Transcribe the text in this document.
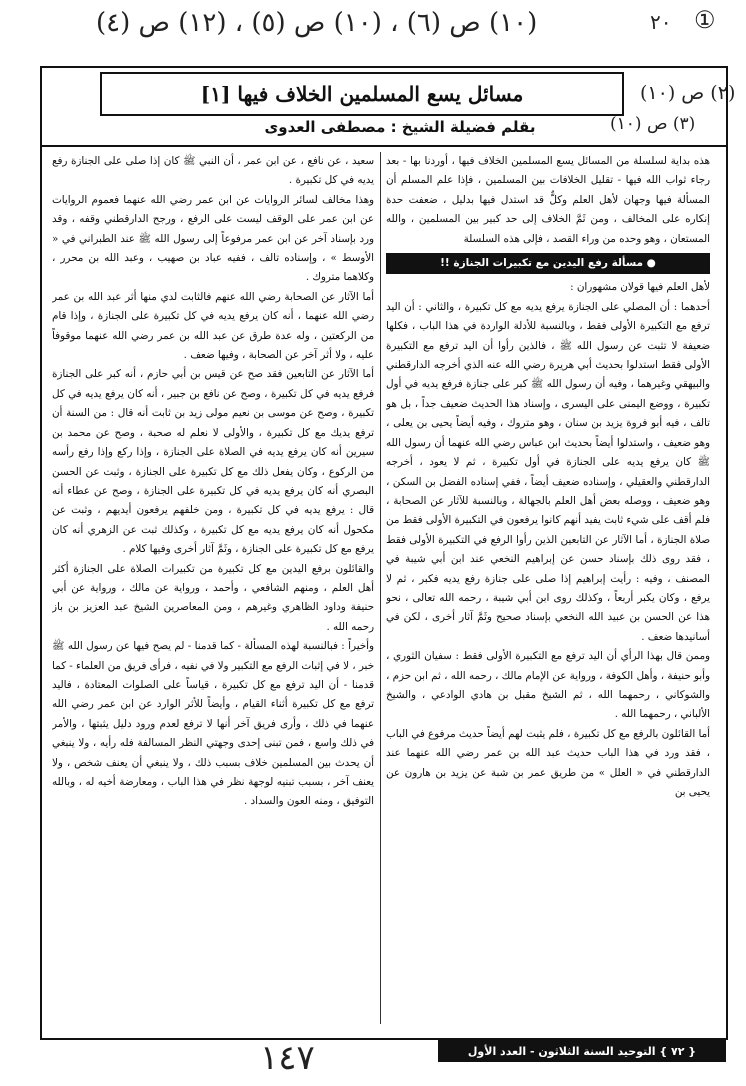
(١٠) ص (٦) ، (١٠) ص (٥) ، (١٢) ص (٤)	①
٢٠
(٢) ص (١٠)
(٣) ص (١٠)
مسائل يسع المسلمين الخلاف فيها [١]
بقلم فضيلة الشيخ : مصطفى العدوى

هذه بداية لسلسلة من المسائل يسع المسلمين الخلاف فيها ، أوردنا بها - بعد رجاء ثواب الله فيها - تقليل الخلافات بين المسلمين ، فإذا علم المسلم أن المسألة فيها وجهان لأهل العلم وكلٌّ قد استدل فيها بدليل ، ضعفت حدة إنكاره على المخالف ، ومن ثَمَّ الخلاف إلى حد كبير بين المسلمين ، والله المستعان ، وهو وحده من وراء القصد ، فإلى هذه السلسلة

● مسألة رفع اليدين مع تكبيرات الجنازة !!

لأهل العلم فيها قولان مشهوران :

أحدهما : أن المصلي على الجنازة يرفع يديه مع كل تكبيرة ، والثاني : أن اليد ترفع مع التكبيرة الأولى فقط ، وبالنسبة للأدلة الواردة في هذا الباب ، فكلها ضعيفة لا تثبت عن رسول الله ﷺ ، فالذين رأوا أن اليد ترفع مع التكبيرة الأولى فقط استدلوا بحديث أبي هريرة رضي الله عنه الذي أخرجه الدارقطني والبيهقي وغيرهما ، وفيه أن رسول الله ﷺ كبر على جنازة فرفع يديه في أول تكبيرة ، ووضع اليمنى على اليسرى ، وإسناد هذا الحديث ضعيف جداً ، بل هو تالف ، فيه أبو فروة يزيد بن سنان ، وهو متروك ، وفيه أيضاً يحيى بن يعلى ، وهو ضعيف ، واستدلوا أيضاً بحديث ابن عباس رضي الله عنهما أن رسول الله ﷺ كان يرفع يديه على الجنازة في أول تكبيرة ، ثم لا يعود ، أخرجه الدارقطني والعقيلي ، وإسناده ضعيف أيضاً ، ففي إسناده الفضل بن السكن ، وهو ضعيف ، ووصله بعض أهل العلم بالجهالة ، وبالنسبة للآثار عن الصحابة ، فلم أقف على شيء ثابت يفيد أنهم كانوا يرفعون في التكبيرة الأولى فقط من صلاة الجنازة ، أما الآثار عن التابعين الذين رأوا الرفع في التكبيرة الأولى فقط ، فقد روى ذلك بإسناد حسن عن إبراهيم النخعي عند ابن أبي شيبة في المصنف ، وفيه : رأيت إبراهيم إذا صلى على جنازة رفع يديه فكبر ، ثم لا يرفع ، وكان يكبر أربعاً ، وكذلك روى ابن أبي شيبة ، رحمه الله تعالى ، نحو هذا عن الحسن بن عبيد الله النخعي بإسناد صحيح وثَمَّ آثار أخرى ، لكن في أسانيدها ضعف .

وممن قال بهذا الرأي أن اليد ترفع مع التكبيرة الأولى فقط : سفيان الثوري ، وأبو حنيفة ، وأهل الكوفة ، ورواية عن الإمام مالك ، رحمه الله ، ثم ابن حزم ، والشوكاني ، رحمهما الله ، ثم الشيخ مقبل بن هادي الوادعي ، والشيخ الألباني ، رحمهما الله .

أما القائلون بالرفع مع كل تكبيرة ، فلم يثبت لهم أيضاً حديث مرفوع في الباب ، فقد ورد في هذا الباب حديث عبد الله بن عمر رضي الله عنهما عند الدارقطني في « العلل » من طريق عمر بن شبة عن يزيد بن هارون عن يحيى بن

سعيد ، عن نافع ، عن ابن عمر ، أن النبي ﷺ كان إذا صلى على الجنازة رفع يديه في كل تكبيرة .

وهذا مخالف لسائر الروايات عن ابن عمر رضي الله عنهما فعموم الروايات عن ابن عمر على الوقف ليست على الرفع ، ورجح الدارقطني وقفه ، وقد ورد بإسناد آخر عن ابن عمر مرفوعاً إلى رسول الله ﷺ عند الطبراني في « الأوسط » ، وإسناده تالف ، ففيه عباد بن صهيب ، وعبد الله بن محرر ، وكلاهما متروك .

أما الآثار عن الصحابة رضي الله عنهم فالثابت لدي منها أثر عبد الله بن عمر رضي الله عنهما ، أنه كان يرفع يديه في كل تكبيرة على الجنازة ، وإذا قام من الركعتين ، وله عدة طرق عن عبد الله بن عمر رضي الله عنهما موقوفاً عليه ، ولا أثر آخر عن الصحابة ، وفيها ضعف .

أما الآثار عن التابعين فقد صح عن قيس بن أبي حازم ، أنه كبر على الجنازة فرفع يديه في كل تكبيرة ، وصح عن نافع بن جبير ، أنه كان يرفع يديه في كل تكبيرة ، وصح عن موسى بن نعيم مولى زيد بن ثابت أنه قال : من السنة أن ترفع يديك مع كل تكبيرة ، والأولى لا نعلم له صحبة ، وصح عن محمد بن سيرين أنه كان يرفع يديه في الصلاة على الجنازة ، وإذا ركع وإذا رفع رأسه من الركوع ، وكان يفعل ذلك مع كل تكبيرة على الجنازة ، وثبت عن الحسن البصري أنه كان يرفع يديه في كل تكبيرة على الجنازة ، وصح عن عطاء أنه قال : يرفع يديه في كل تكبيرة ، ومن خلفهم يرفعون أيديهم ، وثبت عن مكحول أنه كان يرفع يديه مع كل تكبيرة ، وكذلك ثبت عن الزهري أنه كان يرفع مع كل تكبيرة على الجنازة ، وثَمَّ آثار أخرى وفيها كلام .

والقائلون برفع اليدين مع كل تكبيرة من تكبيرات الصلاة على الجنازة أكثر أهل العلم ، ومنهم الشافعي ، وأحمد ، ورواية عن مالك ، ورواية عن أبي حنيفة وداود الظاهري وغيرهم ، ومن المعاصرين الشيخ عبد العزيز بن باز رحمه الله .

وأخيراً : فبالنسبة لهذه المسألة - كما قدمنا - لم يصح فيها عن رسول الله ﷺ خبر ، لا في إثبات الرفع مع التكبير ولا في نفيه ، فرأى فريق من العلماء - كما قدمنا - أن اليد ترفع مع كل تكبيرة ، قياساً على الصلوات المعتادة ، فاليد ترفع مع كل تكبيرة أثناء القيام ، وأيضاً للأثر الوارد عن ابن عمر رضي الله عنهما في ذلك ، وأرى فريق آخر أنها لا ترفع لعدم ورود دليل يثبتها ، والأمر في ذلك واسع ، فمن تبنى إحدى وجهتي النظر المسالفة فله رأيه ، ولا ينبغي أن يحدث بين المسلمين خلاف بسبب ذلك ، ولا ينبغي أن يعنف شخص ، ولا يعنف آخر ، بسبب تبنيه لوجهة نظر في هذا الباب ، ومعارضة أخيه له ، وبالله التوفيق ، ومنه العون والسداد .

١٤٧	{ ٧٢ } التوحيد السنة الثلاثون - العدد الأول
